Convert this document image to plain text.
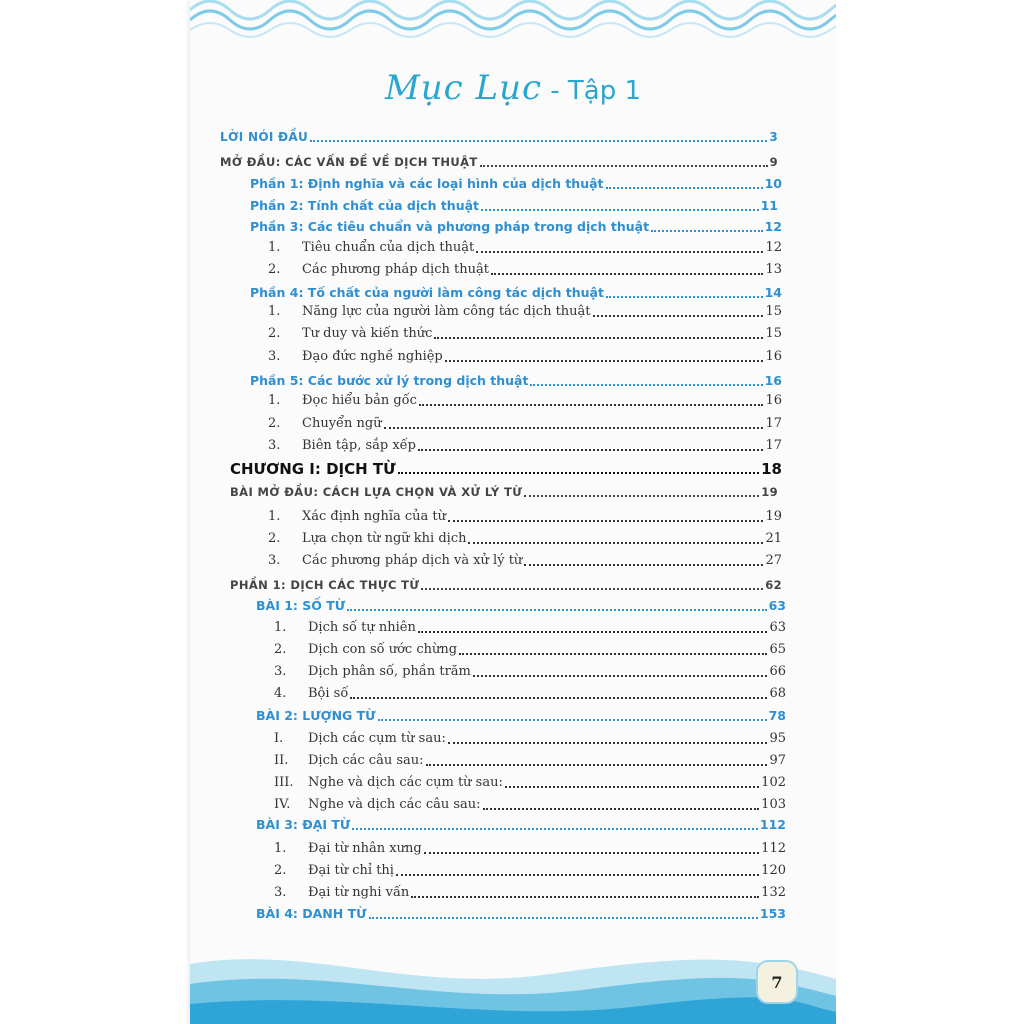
Mục Lục - Tập 1
LỜI NÓI ĐẦU	3
MỞ ĐẦU: CÁC VẤN ĐỀ VỀ DỊCH THUẬT	9
Phần 1: Định nghĩa và các loại hình của dịch thuật	10
Phần 2: Tính chất của dịch thuật	11
Phần 3: Các tiêu chuẩn và phương pháp trong dịch thuật	12
1. Tiêu chuẩn của dịch thuật	12
2. Các phương pháp dịch thuật	13
Phần 4: Tố chất của người làm công tác dịch thuật	14
1. Năng lực của người làm công tác dịch thuật	15
2. Tư duy và kiến thức	15
3. Đạo đức nghề nghiệp	16
Phần 5: Các bước xử lý trong dịch thuật	16
1. Đọc hiểu bản gốc	16
2. Chuyển ngữ	17
3. Biên tập, sắp xếp	17
CHƯƠNG I: DỊCH TỪ	18
BÀI MỞ ĐẦU: CÁCH LỰA CHỌN VÀ XỬ LÝ TỪ	19
1. Xác định nghĩa của từ	19
2. Lựa chọn từ ngữ khi dịch	21
3. Các phương pháp dịch và xử lý từ	27
PHẦN 1: DỊCH CÁC THỰC TỪ	62
BÀI 1: SỐ TỪ	63
1. Dịch số tự nhiên	63
2. Dịch con số ước chừng	65
3. Dịch phân số, phần trăm	66
4. Bội số	68
BÀI 2: LƯỢNG TỪ	78
I. Dịch các cụm từ sau:	95
II. Dịch các câu sau:	97
III. Nghe và dịch các cụm từ sau:	102
IV. Nghe và dịch các câu sau:	103
BÀI 3: ĐẠI TỪ	112
1. Đại từ nhân xưng	112
2. Đại từ chỉ thị	120
3. Đại từ nghi vấn	132
BÀI 4: DANH TỪ	153
7
